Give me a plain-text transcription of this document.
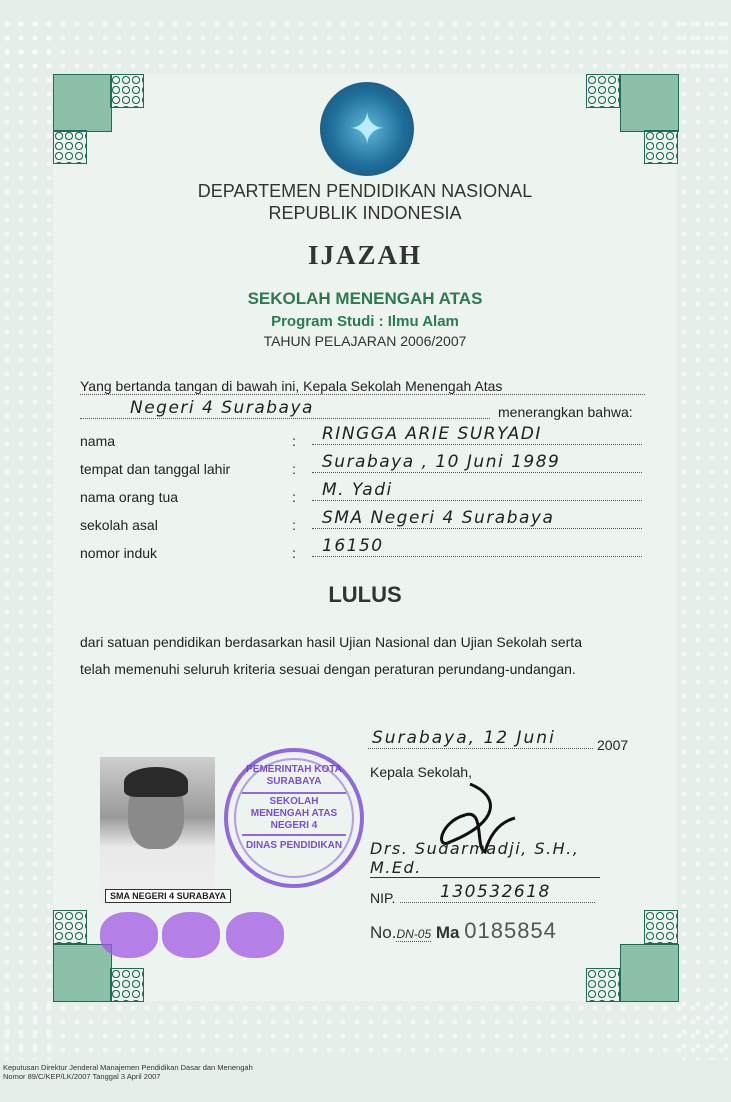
✦
DEPARTEMEN PENDIDIKAN NASIONAL
REPUBLIK INDONESIA
IJAZAH
SEKOLAH MENENGAH ATAS
Program Studi : Ilmu Alam
TAHUN PELAJARAN 2006/2007
Yang bertanda tangan di bawah ini, Kepala Sekolah Menengah Atas
Negeri 4 Surabaya	menerangkan bahwa:
nama	: RINGGA ARIE SURYADI
tempat dan tanggal lahir	: Surabaya , 10 Juni 1989
nama orang tua	: M. Yadi
sekolah asal	: SMA Negeri 4 Surabaya
nomor induk	: 16150
LULUS
dari satuan pendidikan berdasarkan hasil Ujian Nasional dan Ujian Sekolah serta
telah memenuhi seluruh kriteria sesuai dengan peraturan perundang-undangan.
Surabaya, 12 Juni	2007
Kepala Sekolah,
Drs. Sudarmadji, S.H., M.Ed.
NIP.	130532618
No.DN-05 Ma 0185854
SMA NEGERI 4 SURABAYA
PEMERINTAH KOTA SURABAYA
SEKOLAH
MENENGAH ATAS
NEGERI 4
DINAS PENDIDIKAN
Keputusan Direktur Jenderal Manajemen Pendidikan Dasar dan Menengah
Nomor 89/C/KEP/LK/2007 Tanggal 3 April 2007
